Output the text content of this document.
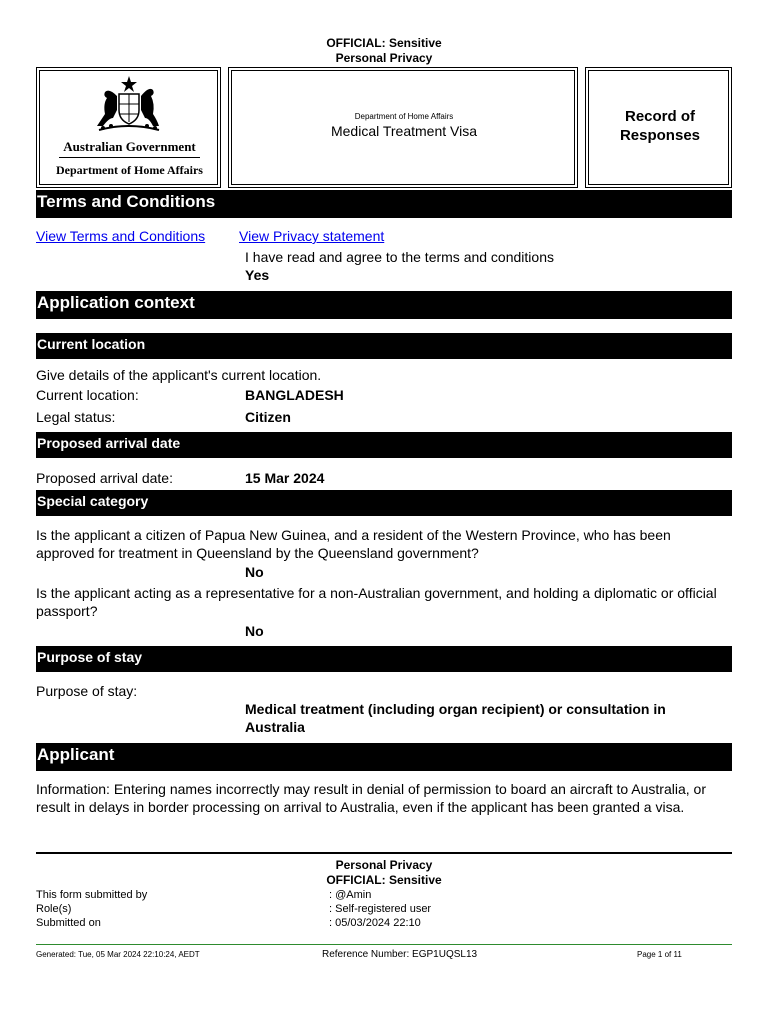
OFFICIAL: Sensitive
Personal Privacy
Australian Government
Department of Home Affairs
Department of Home Affairs
Medical Treatment Visa
Record of Responses
Terms and Conditions
View Terms and Conditions View Privacy statement
I have read and agree to the terms and conditions
Yes
Application context
Current location
Give details of the applicant's current location.
Current location:	BANGLADESH
Legal status:	Citizen
Proposed arrival date
Proposed arrival date:	15 Mar 2024
Special category
Is the applicant a citizen of Papua New Guinea, and a resident of the Western Province, who has been approved for treatment in Queensland by the Queensland government?
No
Is the applicant acting as a representative for a non-Australian government, and holding a diplomatic or official passport?
No
Purpose of stay
Purpose of stay:
Medical treatment (including organ recipient) or consultation in Australia
Applicant
Information: Entering names incorrectly may result in denial of permission to board an aircraft to Australia, or result in delays in border processing on arrival to Australia, even if the applicant has been granted a visa.
Personal Privacy
OFFICIAL: Sensitive
This form submitted by	: @Amin
Role(s)	: Self-registered user
Submitted on	: 05/03/2024 22:10
Generated: Tue, 05 Mar 2024 22:10:24, AEDT	Reference Number: EGP1UQSL13	Page 1 of 11
